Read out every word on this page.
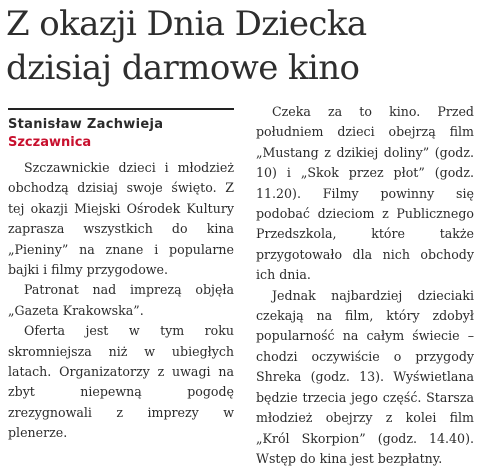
Z okazji Dnia Dziecka
dzisiaj darmowe kino
Stanisław Zachwieja
Szczawnica

Szczawnickie dzieci i młodzież obchodzą dzisiaj swoje święto. Z tej okazji Miejski Ośrodek Kultury zaprasza wszystkich do kina „Pieniny” na znane i popularne bajki i filmy przygodowe.

Patronat nad imprezą objęła „Gazeta Krakowska”.

Oferta jest w tym roku skromniejsza niż w ubiegłych latach. Organizatorzy z uwagi na zbyt niepewną pogodę zrezygnowali z imprezy w plenerze.

Czeka za to kino. Przed południem dzieci obejrzą film „Mustang z dzikiej doliny” (godz. 10) i „Skok przez płot” (godz. 11.20). Filmy powinny się podobać dzieciom z Publicznego Przedszkola, które także przygotowało dla nich obchody ich dnia.

Jednak najbardziej dzieciaki czekają na film, który zdobył popularność na całym świecie – chodzi oczywiście o przygody Shreka (godz. 13). Wyświetlana będzie trzecia jego część. Starsza młodzież obejrzy z kolei film „Król Skorpion” (godz. 14.40). Wstęp do kina jest bezpłatny.
